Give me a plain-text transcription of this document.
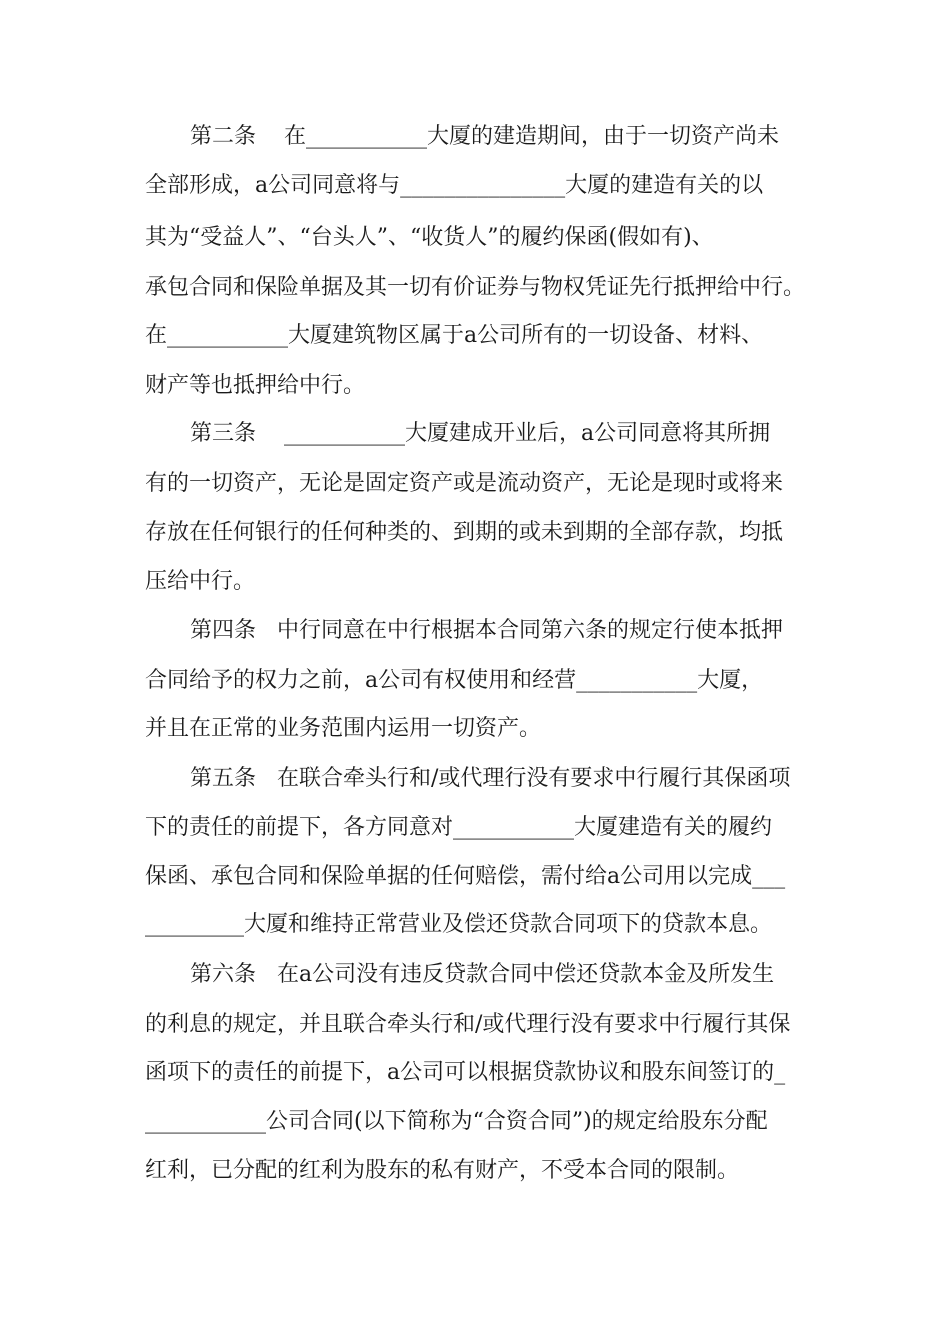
第二条    在___________大厦的建造期间，由于一切资产尚未
全部形成，a公司同意将与_______________大厦的建造有关的以
其为“受益人”、“台头人”、“收货人”的履约保函(假如有)、
承包合同和保险单据及其一切有价证券与物权凭证先行抵押给中行。
在___________大厦建筑物区属于a公司所有的一切设备、材料、
财产等也抵押给中行。
第三条    ___________大厦建成开业后，a公司同意将其所拥
有的一切资产，无论是固定资产或是流动资产，无论是现时或将来
存放在任何银行的任何种类的、到期的或未到期的全部存款，均抵
压给中行。
第四条   中行同意在中行根据本合同第六条的规定行使本抵押
合同给予的权力之前，a公司有权使用和经营___________大厦，
并且在正常的业务范围内运用一切资产。
第五条   在联合牵头行和/或代理行没有要求中行履行其保函项
下的责任的前提下，各方同意对___________大厦建造有关的履约
保函、承包合同和保险单据的任何赔偿，需付给a公司用以完成___
_________大厦和维持正常营业及偿还贷款合同项下的贷款本息。
第六条   在a公司没有违反贷款合同中偿还贷款本金及所发生
的利息的规定，并且联合牵头行和/或代理行没有要求中行履行其保
函项下的责任的前提下，a公司可以根据贷款协议和股东间签订的_
___________公司合同(以下简称为“合资合同”)的规定给股东分配
红利，已分配的红利为股东的私有财产，不受本合同的限制。
